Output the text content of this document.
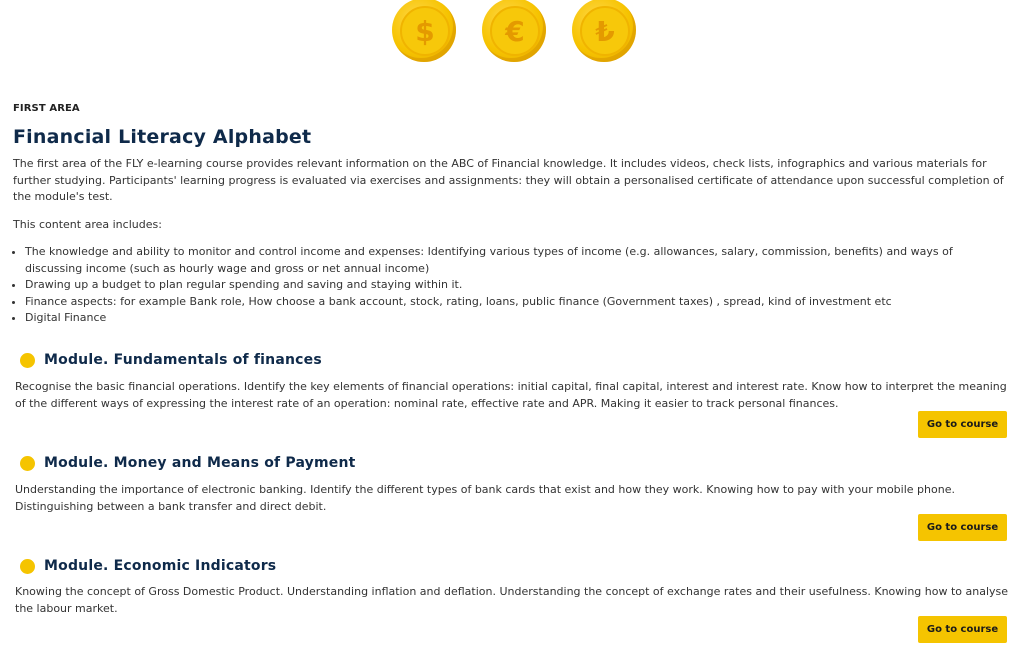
$	€	₺
FIRST AREA
Financial Literacy Alphabet

The first area of the FLY e-learning course provides relevant information on the ABC of Financial knowledge. It includes videos, check lists, infographics and various materials for further studying. Participants' learning progress is evaluated via exercises and assignments: they will obtain a personalised certificate of attendance upon successful completion of the module's test.

This content area includes:

• The knowledge and ability to monitor and control income and expenses: Identifying various types of income (e.g. allowances, salary, commission, benefits) and ways of discussing income (such as hourly wage and gross or net annual income)
• Drawing up a budget to plan regular spending and saving and staying within it.
• Finance aspects: for example Bank role, How choose a bank account, stock, rating, loans, public finance (Government taxes) , spread, kind of investment etc
• Digital Finance
Module. Fundamentals of finances

Recognise the basic financial operations. Identify the key elements of financial operations: initial capital, final capital, interest and interest rate. Know how to interpret the meaning of the different ways of expressing the interest rate of an operation: nominal rate, effective rate and APR. Making it easier to track personal finances.

Go to course
Module. Money and Means of Payment

Understanding the importance of electronic banking. Identify the different types of bank cards that exist and how they work. Knowing how to pay with your mobile phone. Distinguishing between a bank transfer and direct debit.

Go to course
Module. Economic Indicators

Knowing the concept of Gross Domestic Product. Understanding inflation and deflation. Understanding the concept of exchange rates and their usefulness. Knowing how to analyse the labour market.

Go to course
